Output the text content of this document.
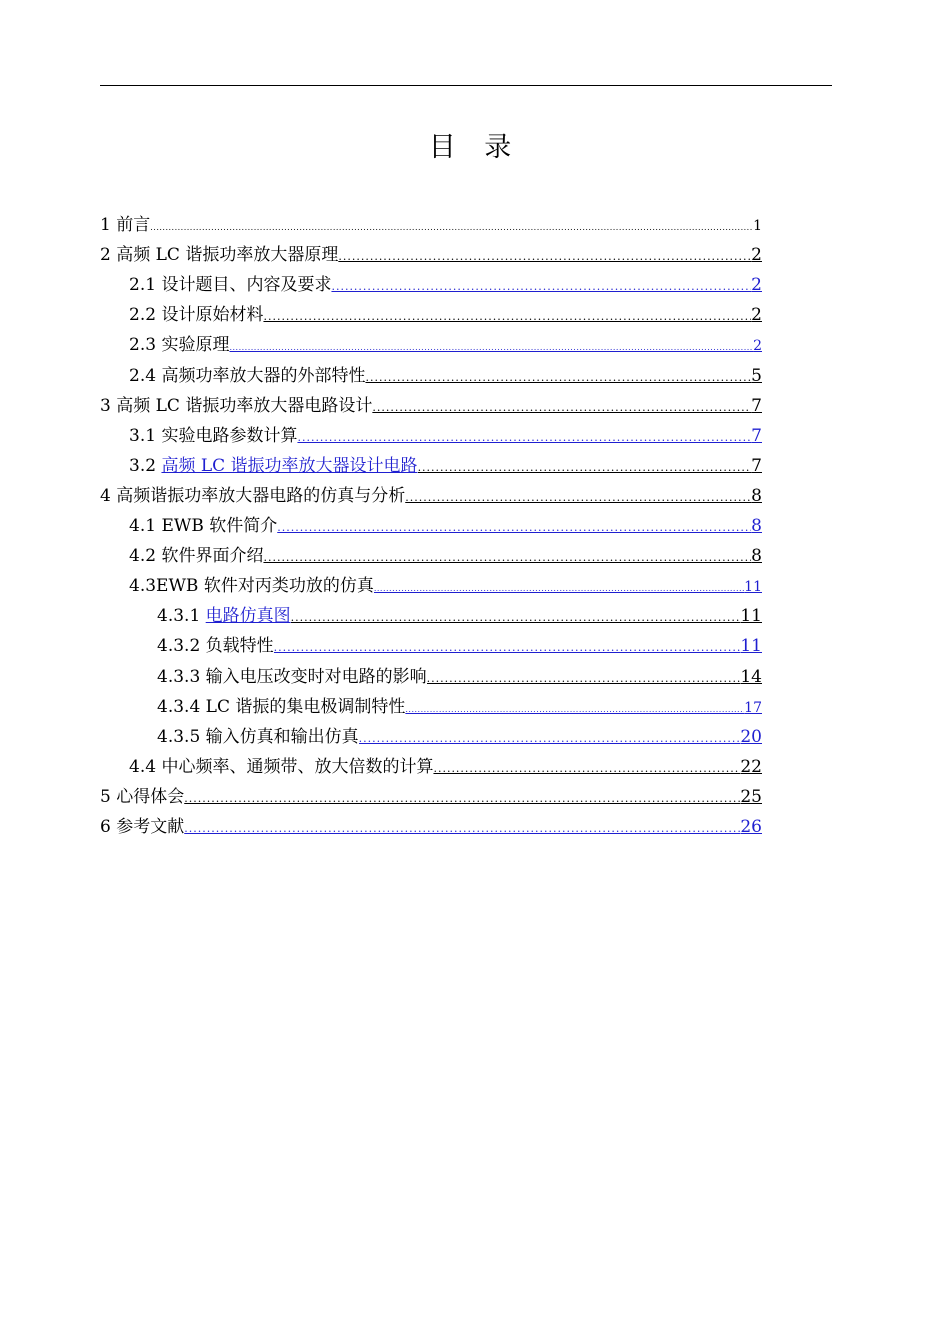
目 录
1 前言 .....	1
2 高频 LC 谐振功率放大器原理 .....	2
2.1 设计题目、内容及要求 .....	2
2.2 设计原始材料 .....	2
2.3 实验原理 .....	2
2.4 高频功率放大器的外部特性 .....	5
3 高频 LC 谐振功率放大器电路设计 .....	7
3.1 实验电路参数计算 .....	7
3.2 高频 LC 谐振功率放大器设计电路 .....	7
4 高频谐振功率放大器电路的仿真与分析 .....	8
4.1 EWB 软件简介 .....	8
4.2 软件界面介绍 .....	8
4.3EWB 软件对丙类功放的仿真 .....	11
4.3.1 电路仿真图 .....	11
4.3.2 负载特性 .....	11
4.3.3 输入电压改变时对电路的影响 .....	14
4.3.4 LC 谐振的集电极调制特性 .....	17
4.3.5 输入仿真和输出仿真 .....	20
4.4 中心频率、通频带、放大倍数的计算 .....	22
5 心得体会 .....	25
6 参考文献 .....	26
